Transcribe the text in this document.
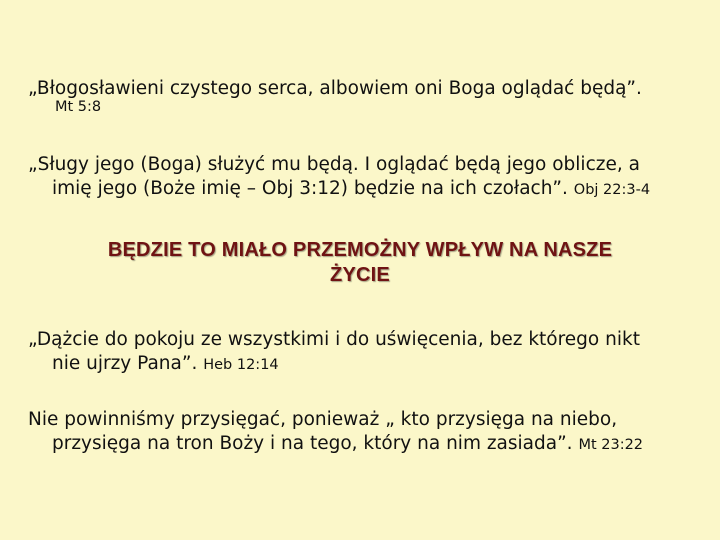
„Błogosławieni czystego serca, albowiem oni Boga oglądać będą”.

Mt 5:8

„Sługy jego (Boga) służyć mu będą. I oglądać będą jego oblicze, a
imię jego (Boże imię – Obj 3:12) będzie na ich czołach”. Obj 22:3-4

BĘDZIE TO MIAŁO PRZEMOŻNY WPŁYW NA NASZE
ŻYCIE

„Dążcie do pokoju ze wszystkimi i do uświęcenia, bez którego nikt
nie ujrzy Pana”. Heb 12:14

Nie powinniśmy przysięgać, ponieważ „ kto przysięga na niebo,
przysięga na tron Boży i na tego, który na nim zasiada”. Mt 23:22
